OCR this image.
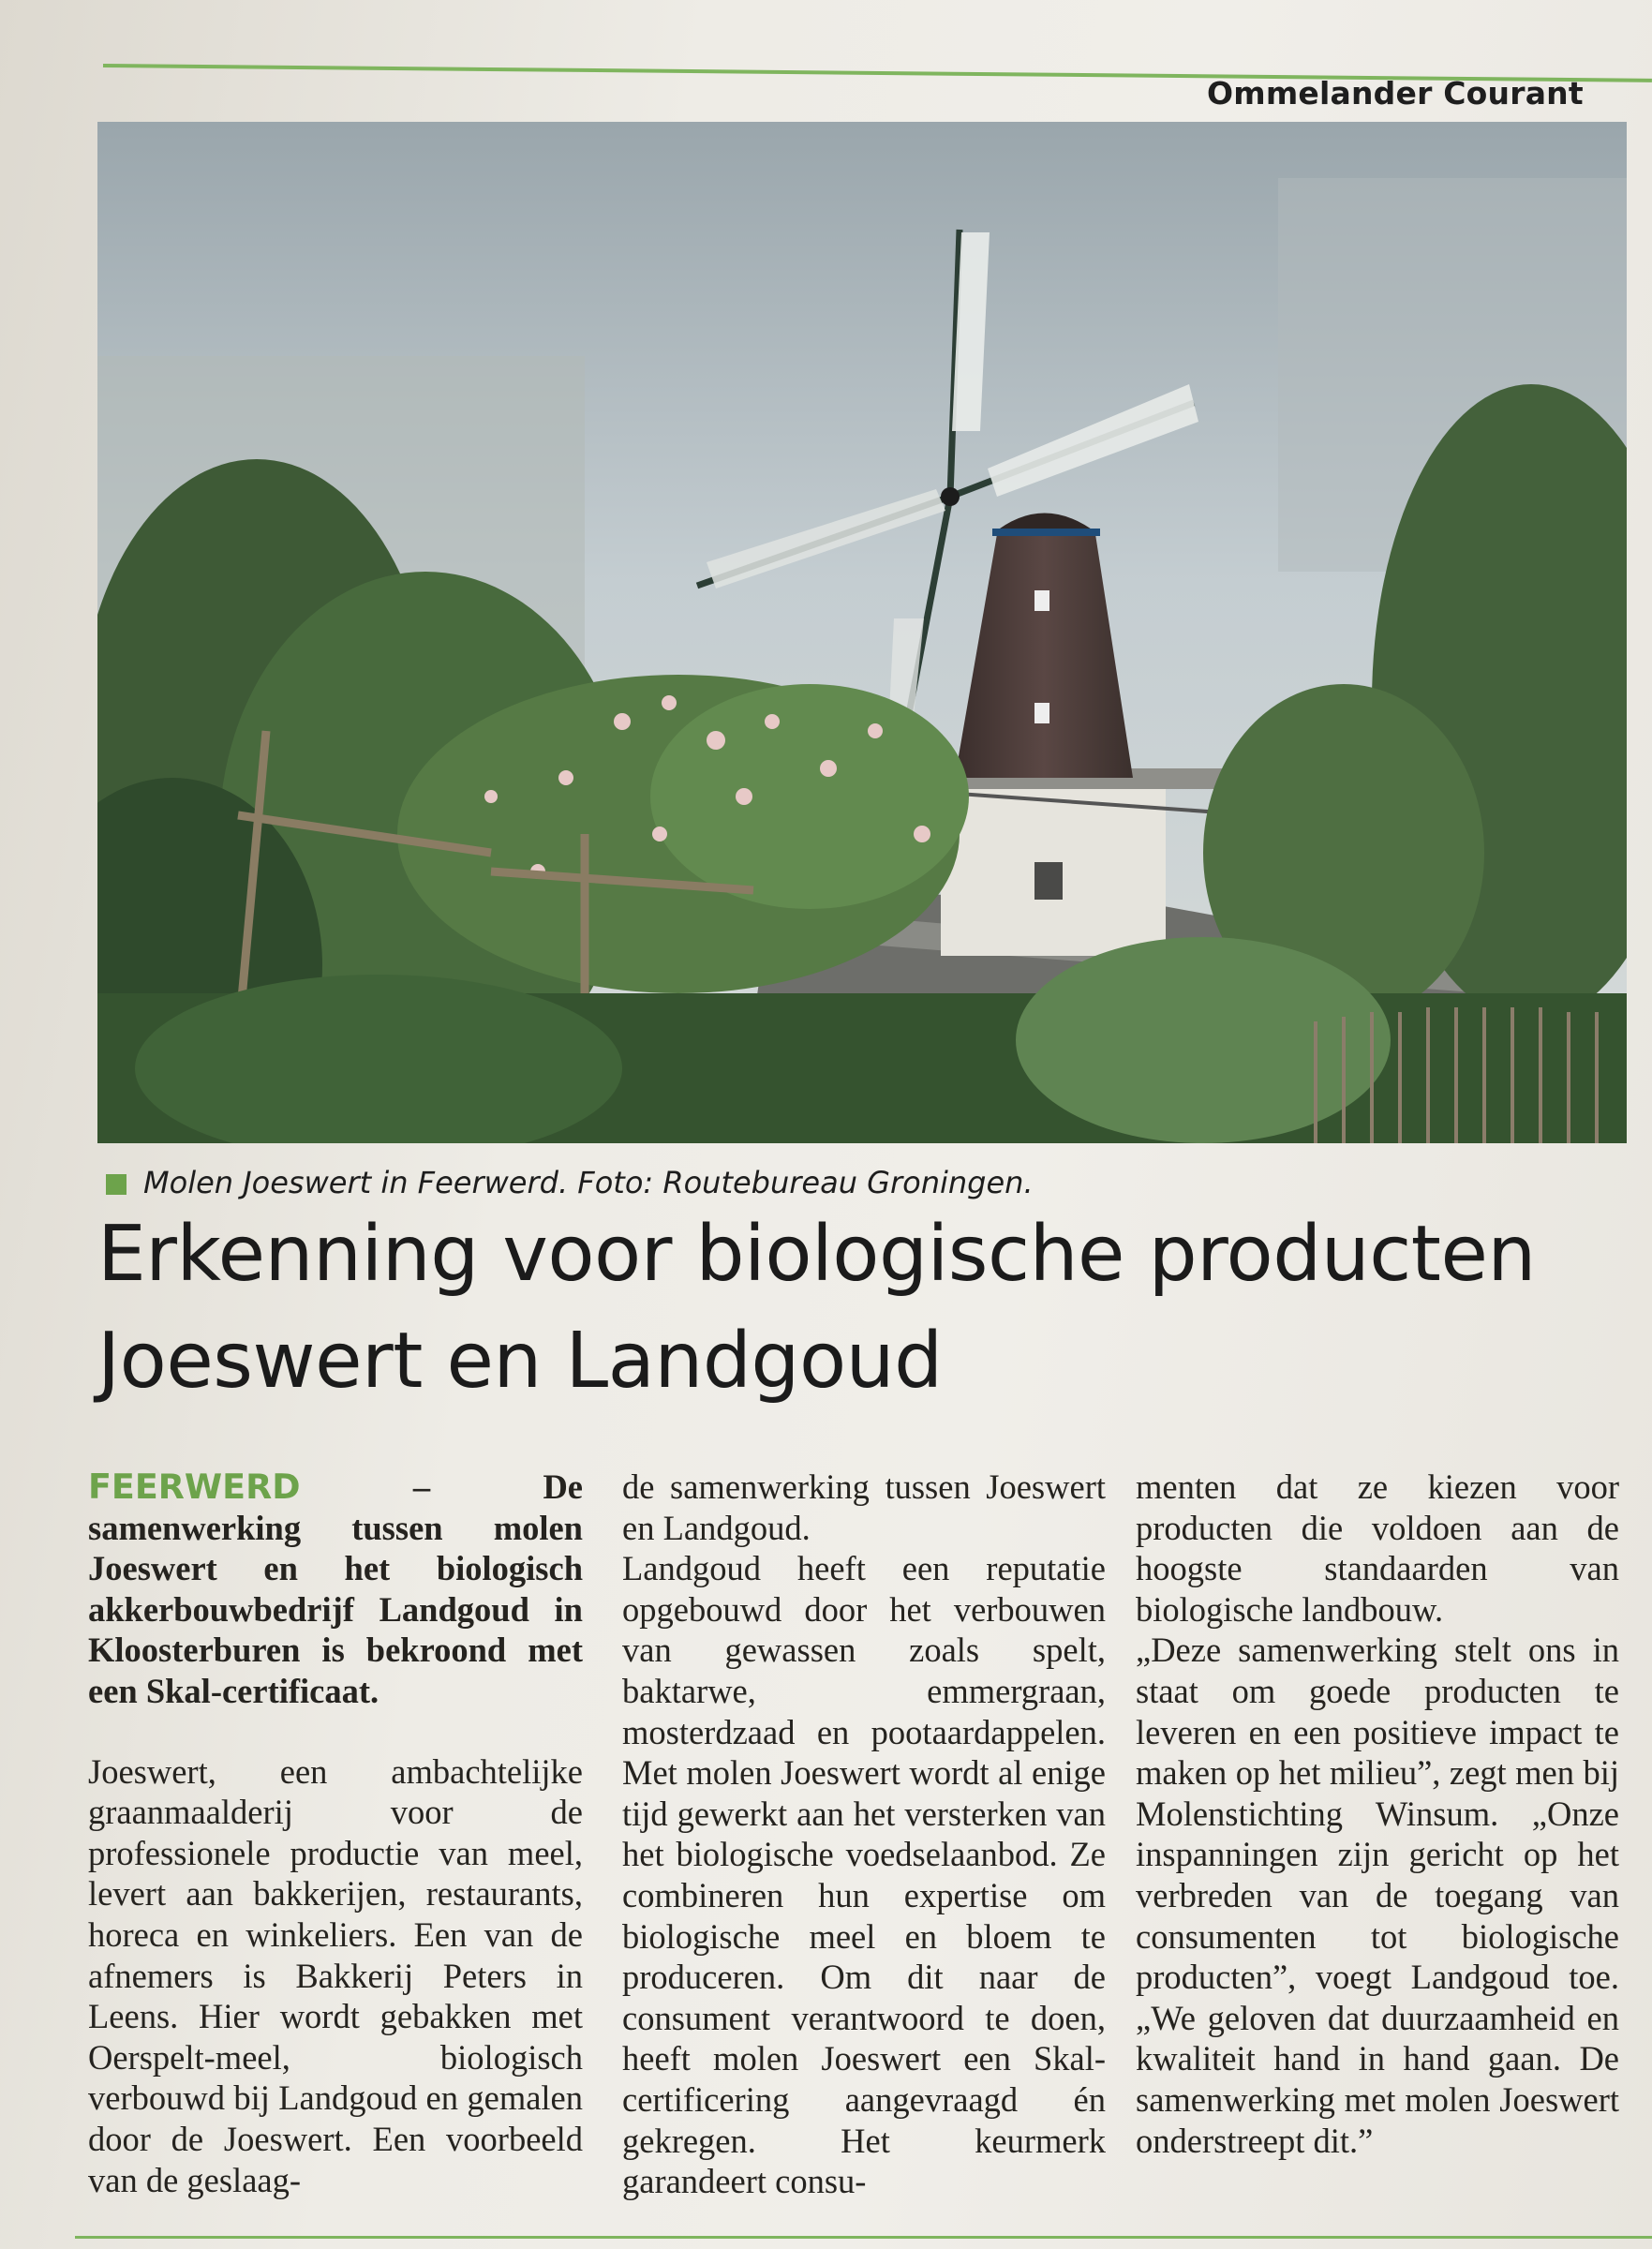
Ommelander Courant
Molen Joeswert in Feerwerd. Foto: Routebureau Groningen.
Erkenning voor biologische producten Joeswert en Landgoud

FEERWERD – De samenwerking tussen molen Joeswert en het biologisch akkerbouwbedrijf Landgoud in Kloosterburen is bekroond met een Skal-certificaat.

Joeswert, een ambachtelijke graanmaalderij voor de professionele productie van meel, levert aan bakkerijen, restaurants, horeca en winkeliers. Een van de afnemers is Bakkerij Peters in Leens. Hier wordt gebakken met Oerspelt-meel, biologisch verbouwd bij Landgoud en gemalen door de Joeswert. Een voorbeeld van de geslaag-

de samenwerking tussen Joeswert en Landgoud.

Landgoud heeft een reputatie opgebouwd door het verbouwen van gewassen zoals spelt, baktarwe, emmergraan, mosterdzaad en pootaardappelen. Met molen Joeswert wordt al enige tijd gewerkt aan het versterken van het biologische voedselaanbod. Ze combineren hun expertise om biologische meel en bloem te produceren. Om dit naar de consument verantwoord te doen, heeft molen Joeswert een Skal-certificering aangevraagd én gekregen. Het keurmerk garandeert consu-

menten dat ze kiezen voor producten die voldoen aan de hoogste standaarden van biologische landbouw.

„Deze samenwerking stelt ons in staat om goede producten te leveren en een positieve impact te maken op het milieu”, zegt men bij Molenstichting Winsum. „Onze inspanningen zijn gericht op het verbreden van de toegang van consumenten tot biologische producten”, voegt Landgoud toe. „We geloven dat duurzaamheid en kwaliteit hand in hand gaan. De samenwerking met molen Joeswert onderstreept dit.”
